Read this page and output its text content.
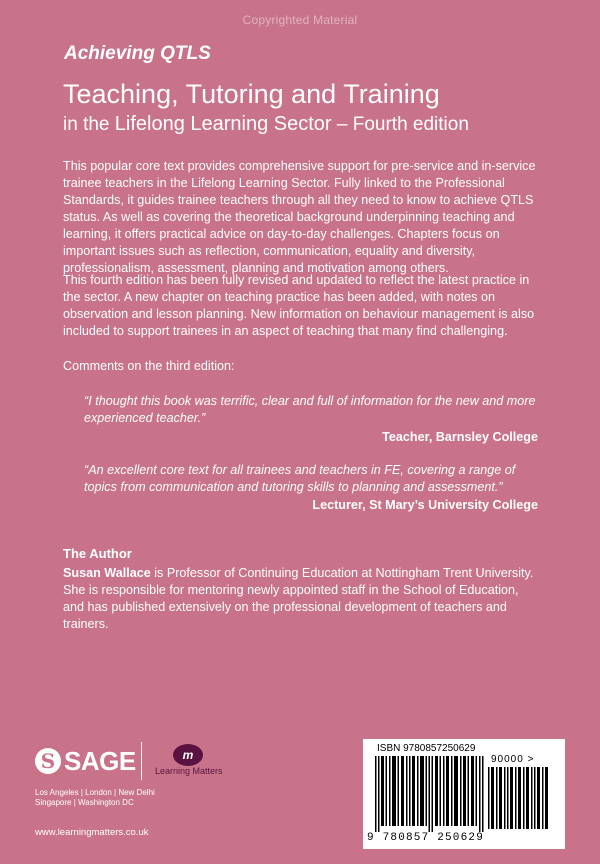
Copyrighted Material
Achieving QTLS
Teaching, Tutoring and Training
in the Lifelong Learning Sector – Fourth edition
This popular core text provides comprehensive support for pre-service and in-service trainee teachers in the Lifelong Learning Sector. Fully linked to the Professional Standards, it guides trainee teachers through all they need to know to achieve QTLS status. As well as covering the theoretical background underpinning teaching and learning, it offers practical advice on day-to-day challenges. Chapters focus on important issues such as reflection, communication, equality and diversity, professionalism, assessment, planning and motivation among others.
This fourth edition has been fully revised and updated to reflect the latest practice in the sector. A new chapter on teaching practice has been added, with notes on observation and lesson planning. New information on behaviour management is also included to support trainees in an aspect of teaching that many find challenging.
Comments on the third edition:
“I thought this book was terrific, clear and full of information for the new and more experienced teacher.”
Teacher, Barnsley College
“An excellent core text for all trainees and teachers in FE, covering a range of topics from communication and tutoring skills to planning and assessment.”
Lecturer, St Mary’s University College
The Author
Susan Wallace is Professor of Continuing Education at Nottingham Trent University. She is responsible for mentoring newly appointed staff in the School of Education, and has published extensively on the professional development of teachers and trainers.
S SAGE	m
Learning Matters
Los Angeles | London | New Delhi
Singapore | Washington DC
www.learningmatters.co.uk
ISBN 9780857250629
90000 >
9 780857 250629
